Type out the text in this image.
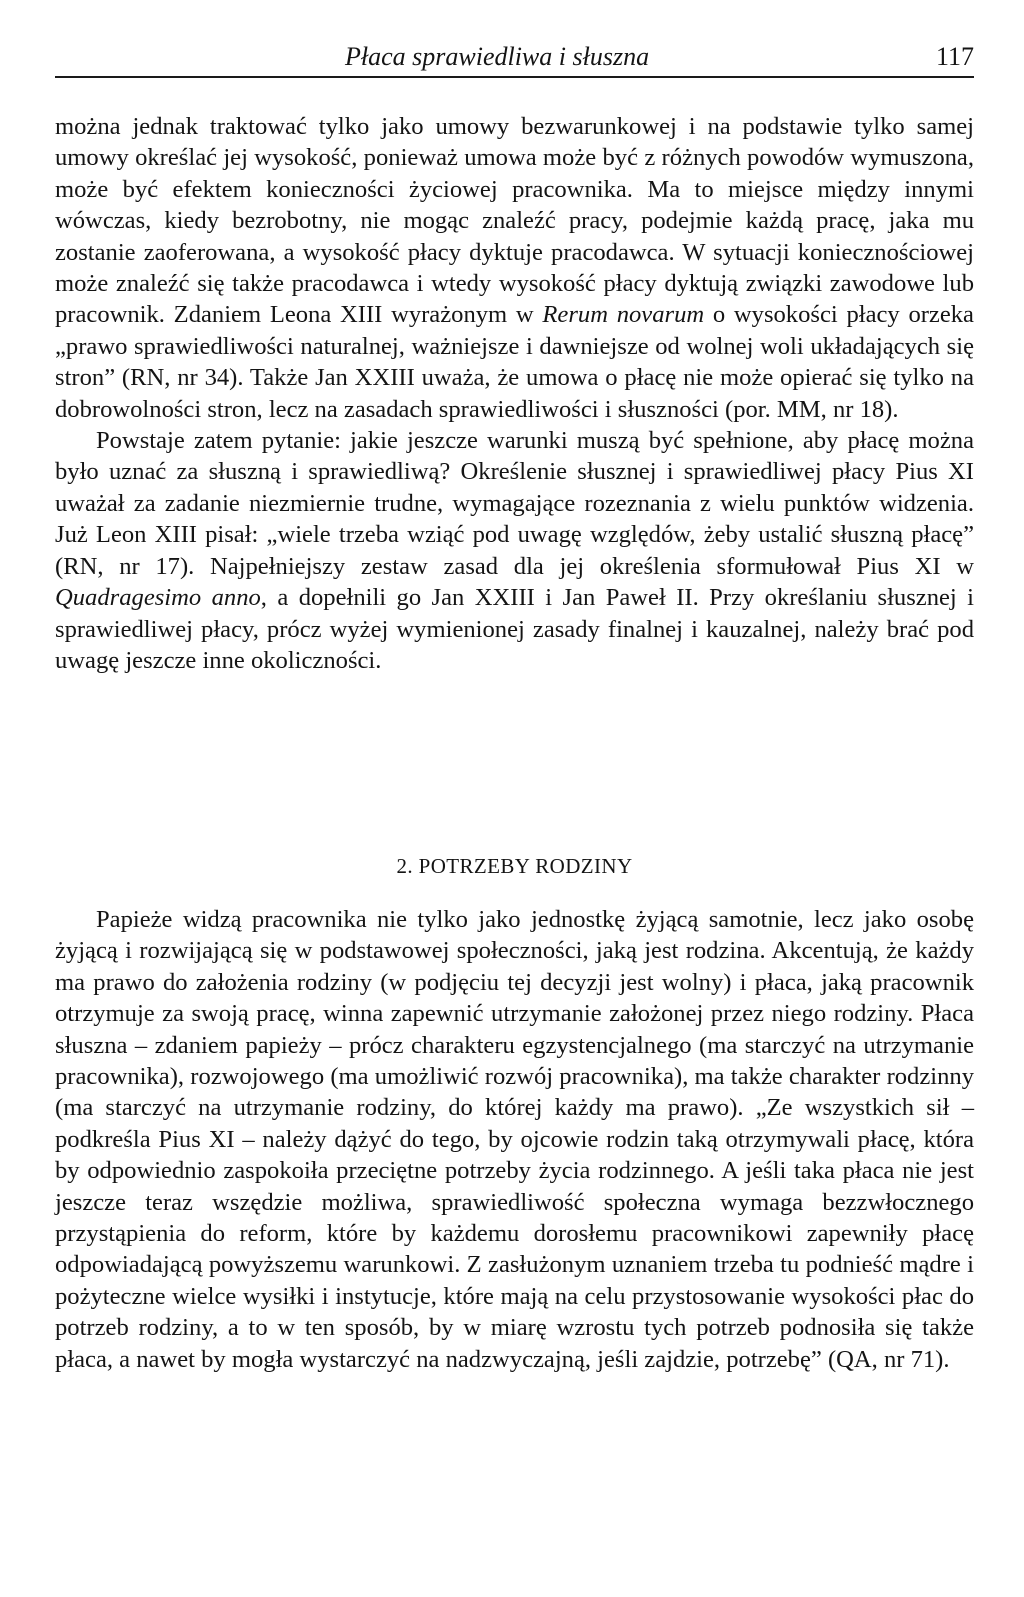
Płaca sprawiedliwa i słuszna	117

można jednak traktować tylko jako umowy bezwarunkowej i na podstawie tylko samej umowy określać jej wysokość, ponieważ umowa może być z różnych powodów wymuszona, może być efektem konieczności życiowej pracownika. Ma to miejsce między innymi wówczas, kiedy bezrobotny, nie mogąc znaleźć pracy, podejmie każdą pracę, jaka mu zostanie zaoferowana, a wysokość płacy dyktuje pracodawca. W sytuacji koniecznościowej może znaleźć się także pracodawca i wtedy wysokość płacy dyktują związki zawodowe lub pracownik. Zdaniem Leona XIII wyrażonym w Rerum novarum o wysokości płacy orzeka „prawo sprawiedliwości naturalnej, ważniejsze i dawniejsze od wolnej woli układających się stron” (RN, nr 34). Także Jan XXIII uważa, że umowa o płacę nie może opierać się tylko na dobrowolności stron, lecz na zasadach sprawiedliwości i słuszności (por. MM, nr 18).

Powstaje zatem pytanie: jakie jeszcze warunki muszą być spełnione, aby płacę można było uznać za słuszną i sprawiedliwą? Określenie słusznej i sprawiedliwej płacy Pius XI uważał za zadanie niezmiernie trudne, wymagające rozeznania z wielu punktów widzenia. Już Leon XIII pisał: „wiele trzeba wziąć pod uwagę względów, żeby ustalić słuszną płacę” (RN, nr 17). Najpełniejszy zestaw zasad dla jej określenia sformułował Pius XI w Quadragesimo anno, a dopełnili go Jan XXIII i Jan Paweł II. Przy określaniu słusznej i sprawiedliwej płacy, prócz wyżej wymienionej zasady finalnej i kauzalnej, należy brać pod uwagę jeszcze inne okoliczności.

2. POTRZEBY RODZINY

Papieże widzą pracownika nie tylko jako jednostkę żyjącą samotnie, lecz jako osobę żyjącą i rozwijającą się w podstawowej społeczności, jaką jest rodzina. Akcentują, że każdy ma prawo do założenia rodziny (w podjęciu tej decyzji jest wolny) i płaca, jaką pracownik otrzymuje za swoją pracę, winna zapewnić utrzymanie założonej przez niego rodziny. Płaca słuszna – zdaniem papieży – prócz charakteru egzystencjalnego (ma starczyć na utrzymanie pracownika), rozwojowego (ma umożliwić rozwój pracownika), ma także charakter rodzinny (ma starczyć na utrzymanie rodziny, do której każdy ma prawo). „Ze wszystkich sił – podkreśla Pius XI – należy dążyć do tego, by ojcowie rodzin taką otrzymywali płacę, która by odpowiednio zaspokoiła przeciętne potrzeby życia rodzinnego. A jeśli taka płaca nie jest jeszcze teraz wszędzie możliwa, sprawiedliwość społeczna wymaga bezzwłocznego przystąpienia do reform, które by każdemu dorosłemu pracownikowi zapewniły płacę odpowiadającą powyższemu warunkowi. Z zasłużonym uznaniem trzeba tu podnieść mądre i pożyteczne wielce wysiłki i instytucje, które mają na celu przystosowanie wysokości płac do potrzeb rodziny, a to w ten sposób, by w miarę wzrostu tych potrzeb podnosiła się także płaca, a nawet by mogła wystarczyć na nadzwyczajną, jeśli zajdzie, potrzebę” (QA, nr 71).
